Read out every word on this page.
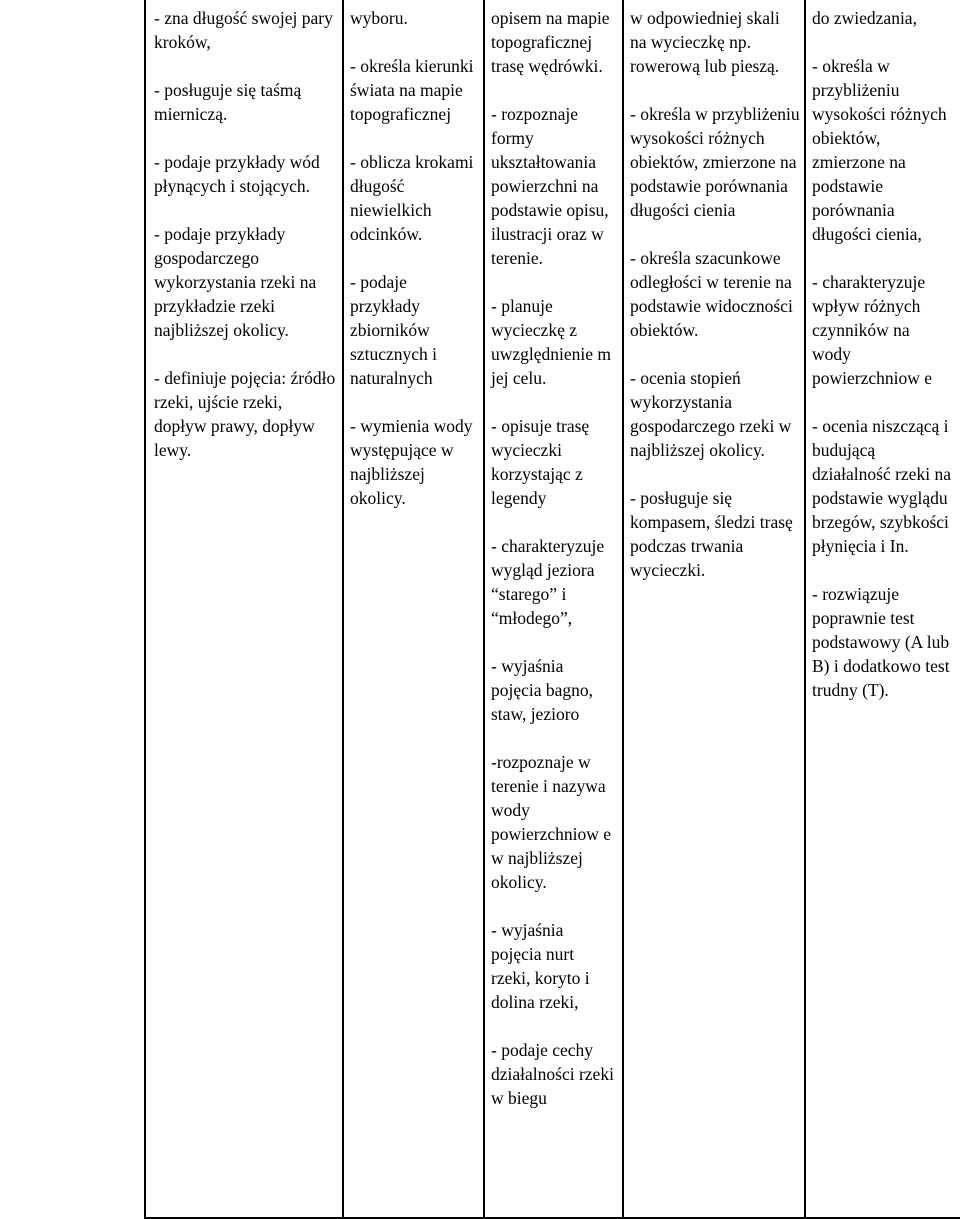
- zna długość swojej pary kroków,

- posługuje się taśmą mierniczą.

- podaje przykłady wód płynących i stojących.

- podaje przykłady gospodarczego wykorzystania rzeki na przykładzie rzeki najbliższej okolicy.

- definiuje pojęcia: źródło rzeki, ujście rzeki, dopływ prawy, dopływ lewy.

wyboru.

- określa kierunki świata na mapie topograficznej

- oblicza krokami długość niewielkich odcinków.

- podaje przykłady zbiorników sztucznych i naturalnych

- wymienia wody występujące w najbliższej okolicy.

opisem na mapie topograficznej trasę wędrówki.

- rozpoznaje formy ukształtowania powierzchni na podstawie opisu, ilustracji oraz w terenie.

- planuje wycieczkę z uwzględnienie m jej celu.

- opisuje trasę wycieczki korzystając z legendy

- charakteryzuje wygląd jeziora “starego” i “młodego”,

- wyjaśnia pojęcia bagno, staw, jezioro

-rozpoznaje w terenie i nazywa wody powierzchniow e w najbliższej okolicy.

- wyjaśnia pojęcia nurt rzeki, koryto i dolina rzeki,

- podaje cechy działalności rzeki w biegu

w odpowiedniej skali na wycieczkę np. rowerową lub pieszą.

- określa w przybliżeniu wysokości różnych obiektów, zmierzone na podstawie porównania długości cienia

- określa szacunkowe odległości w terenie na podstawie widoczności obiektów.

- ocenia stopień wykorzystania gospodarczego rzeki w najbliższej okolicy.

- posługuje się kompasem, śledzi trasę podczas trwania wycieczki.

do zwiedzania,

- określa w przybliżeniu wysokości różnych obiektów, zmierzone na podstawie porównania długości cienia,

- charakteryzuje wpływ różnych czynników na wody powierzchniow e

- ocenia niszczącą i budującą działalność rzeki na podstawie wyglądu brzegów, szybkości płynięcia i In.

- rozwiązuje poprawnie test podstawowy (A lub B) i dodatkowo test trudny (T).
